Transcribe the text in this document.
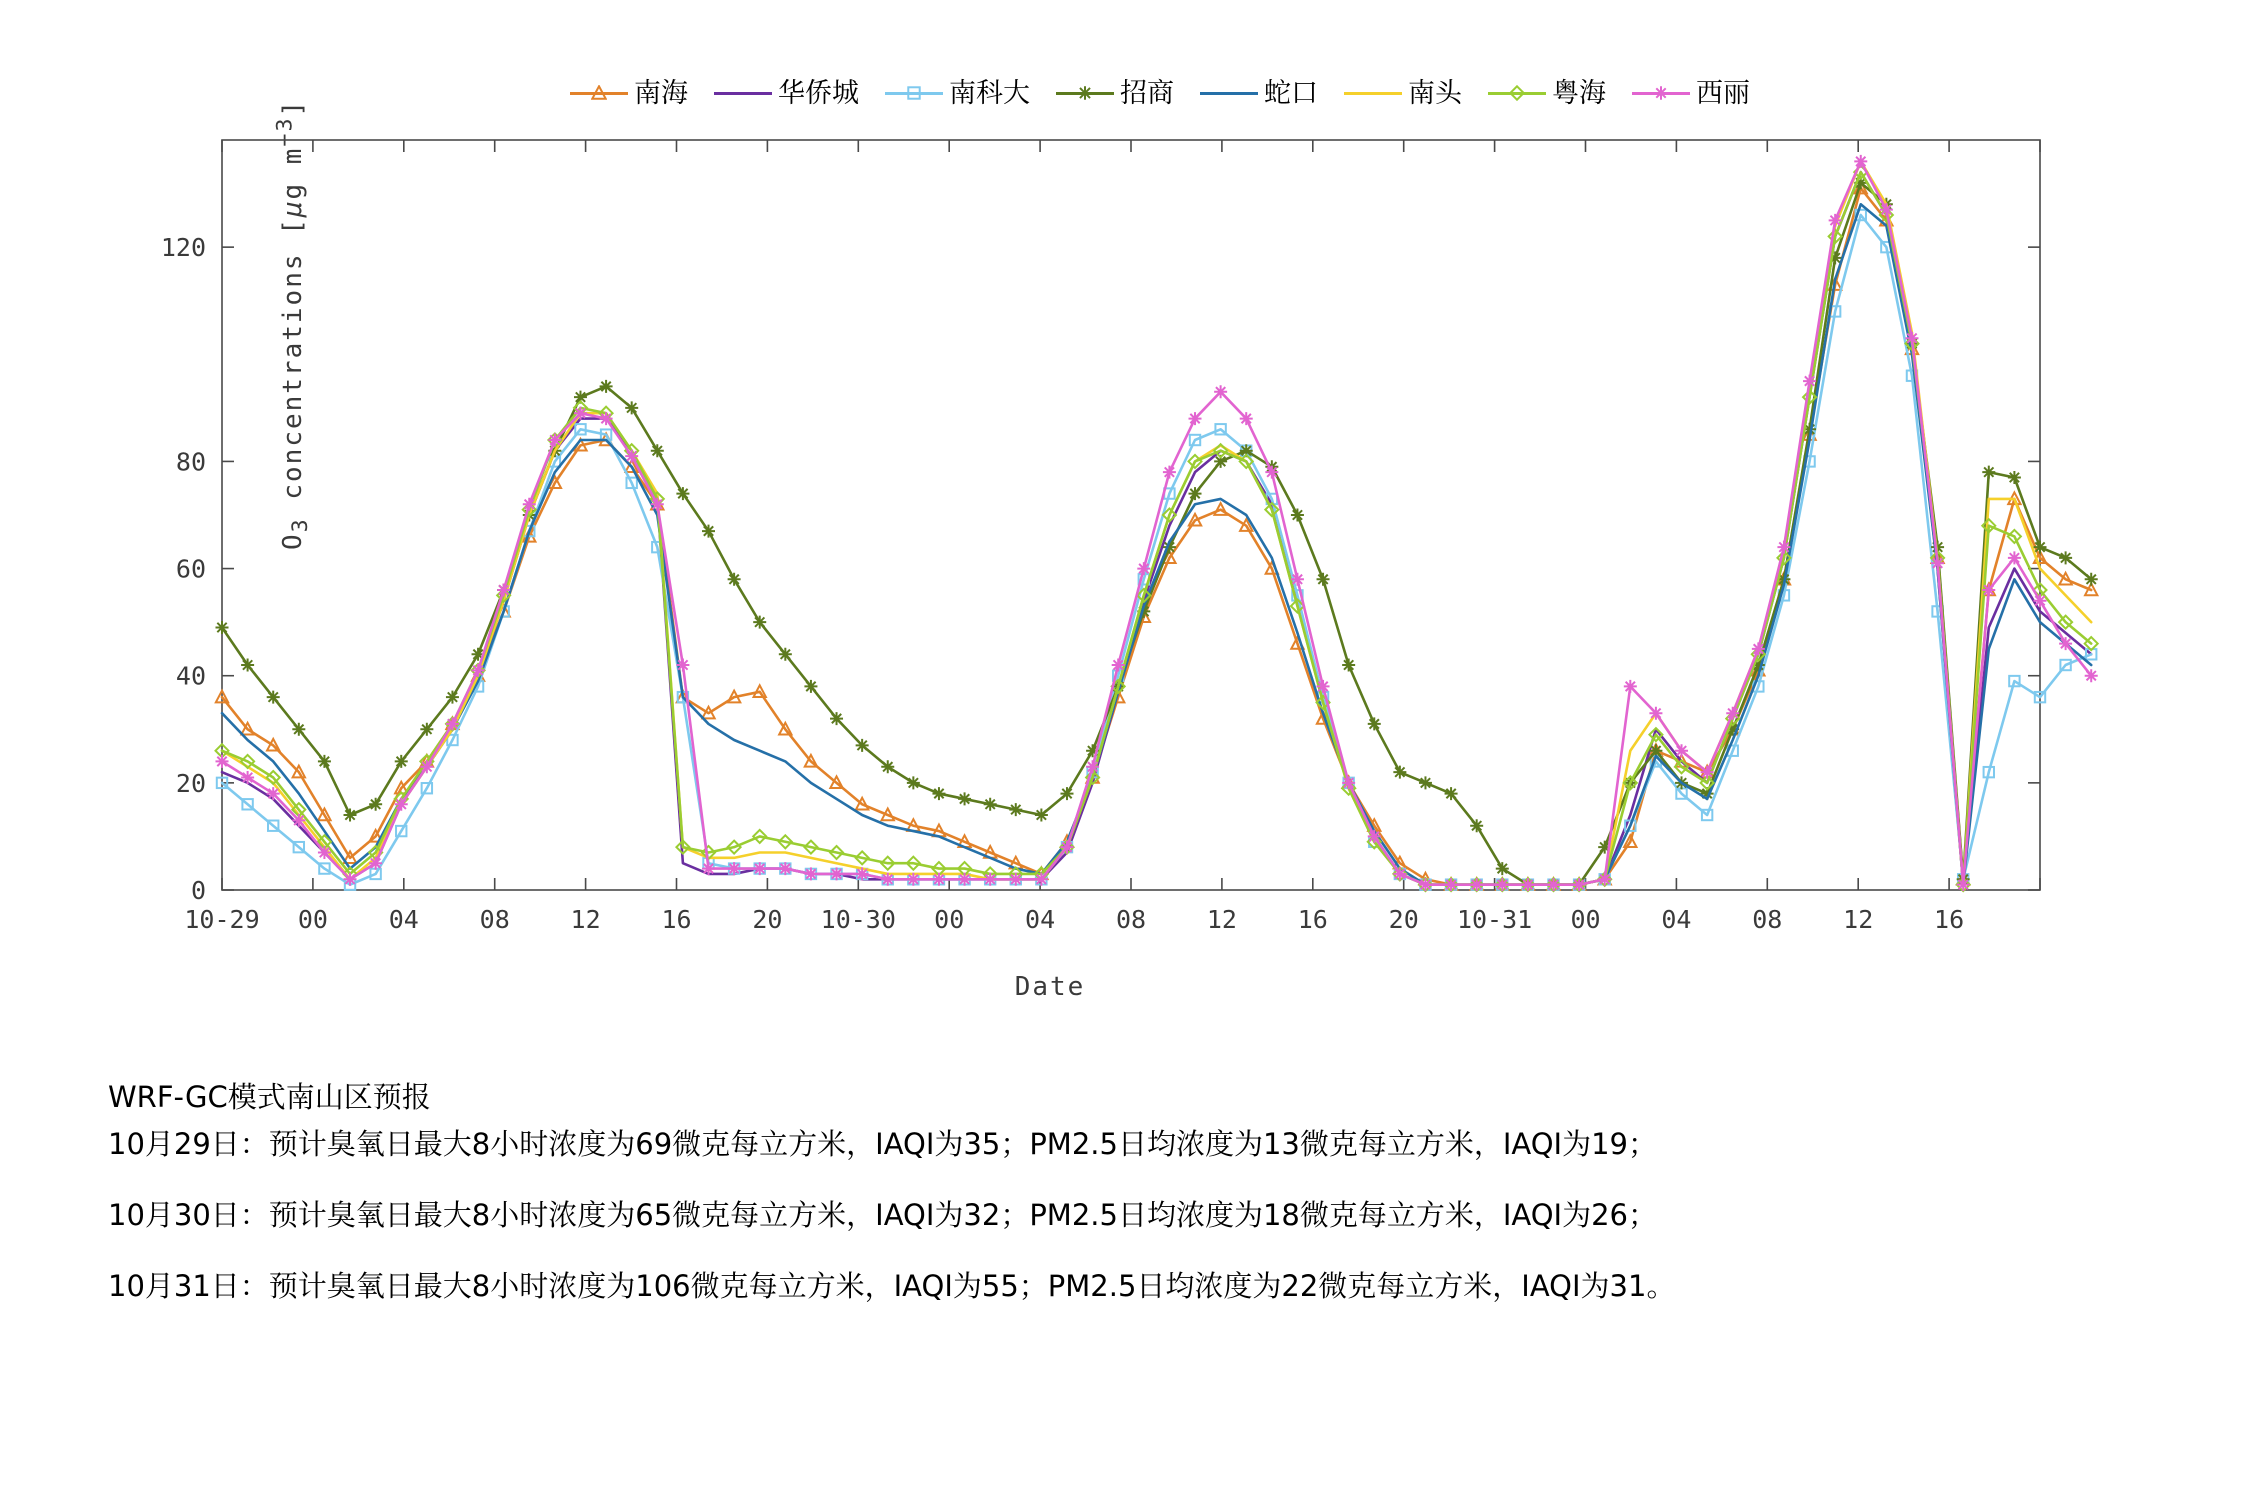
南海	华侨城	南科大	招商	蛇口	南头	粤海	西丽
$O_3$ concentrations [μg $m^{-3}$]
0
20
40
60
80
120
10-29 00 04 08 12 16 20 10-30 00 04 08 12 16 20 10-31 00 04 08 12 16
Date
WRF-GC模式南山区预报
10月29日：预计臭氧日最大8小时浓度为69微克每立方米，IAQI为35；PM2.5日均浓度为13微克每立方米，IAQI为19；
10月30日：预计臭氧日最大8小时浓度为65微克每立方米，IAQI为32；PM2.5日均浓度为18微克每立方米，IAQI为26；
10月31日：预计臭氧日最大8小时浓度为106微克每立方米，IAQI为55；PM2.5日均浓度为22微克每立方米，IAQI为31。
